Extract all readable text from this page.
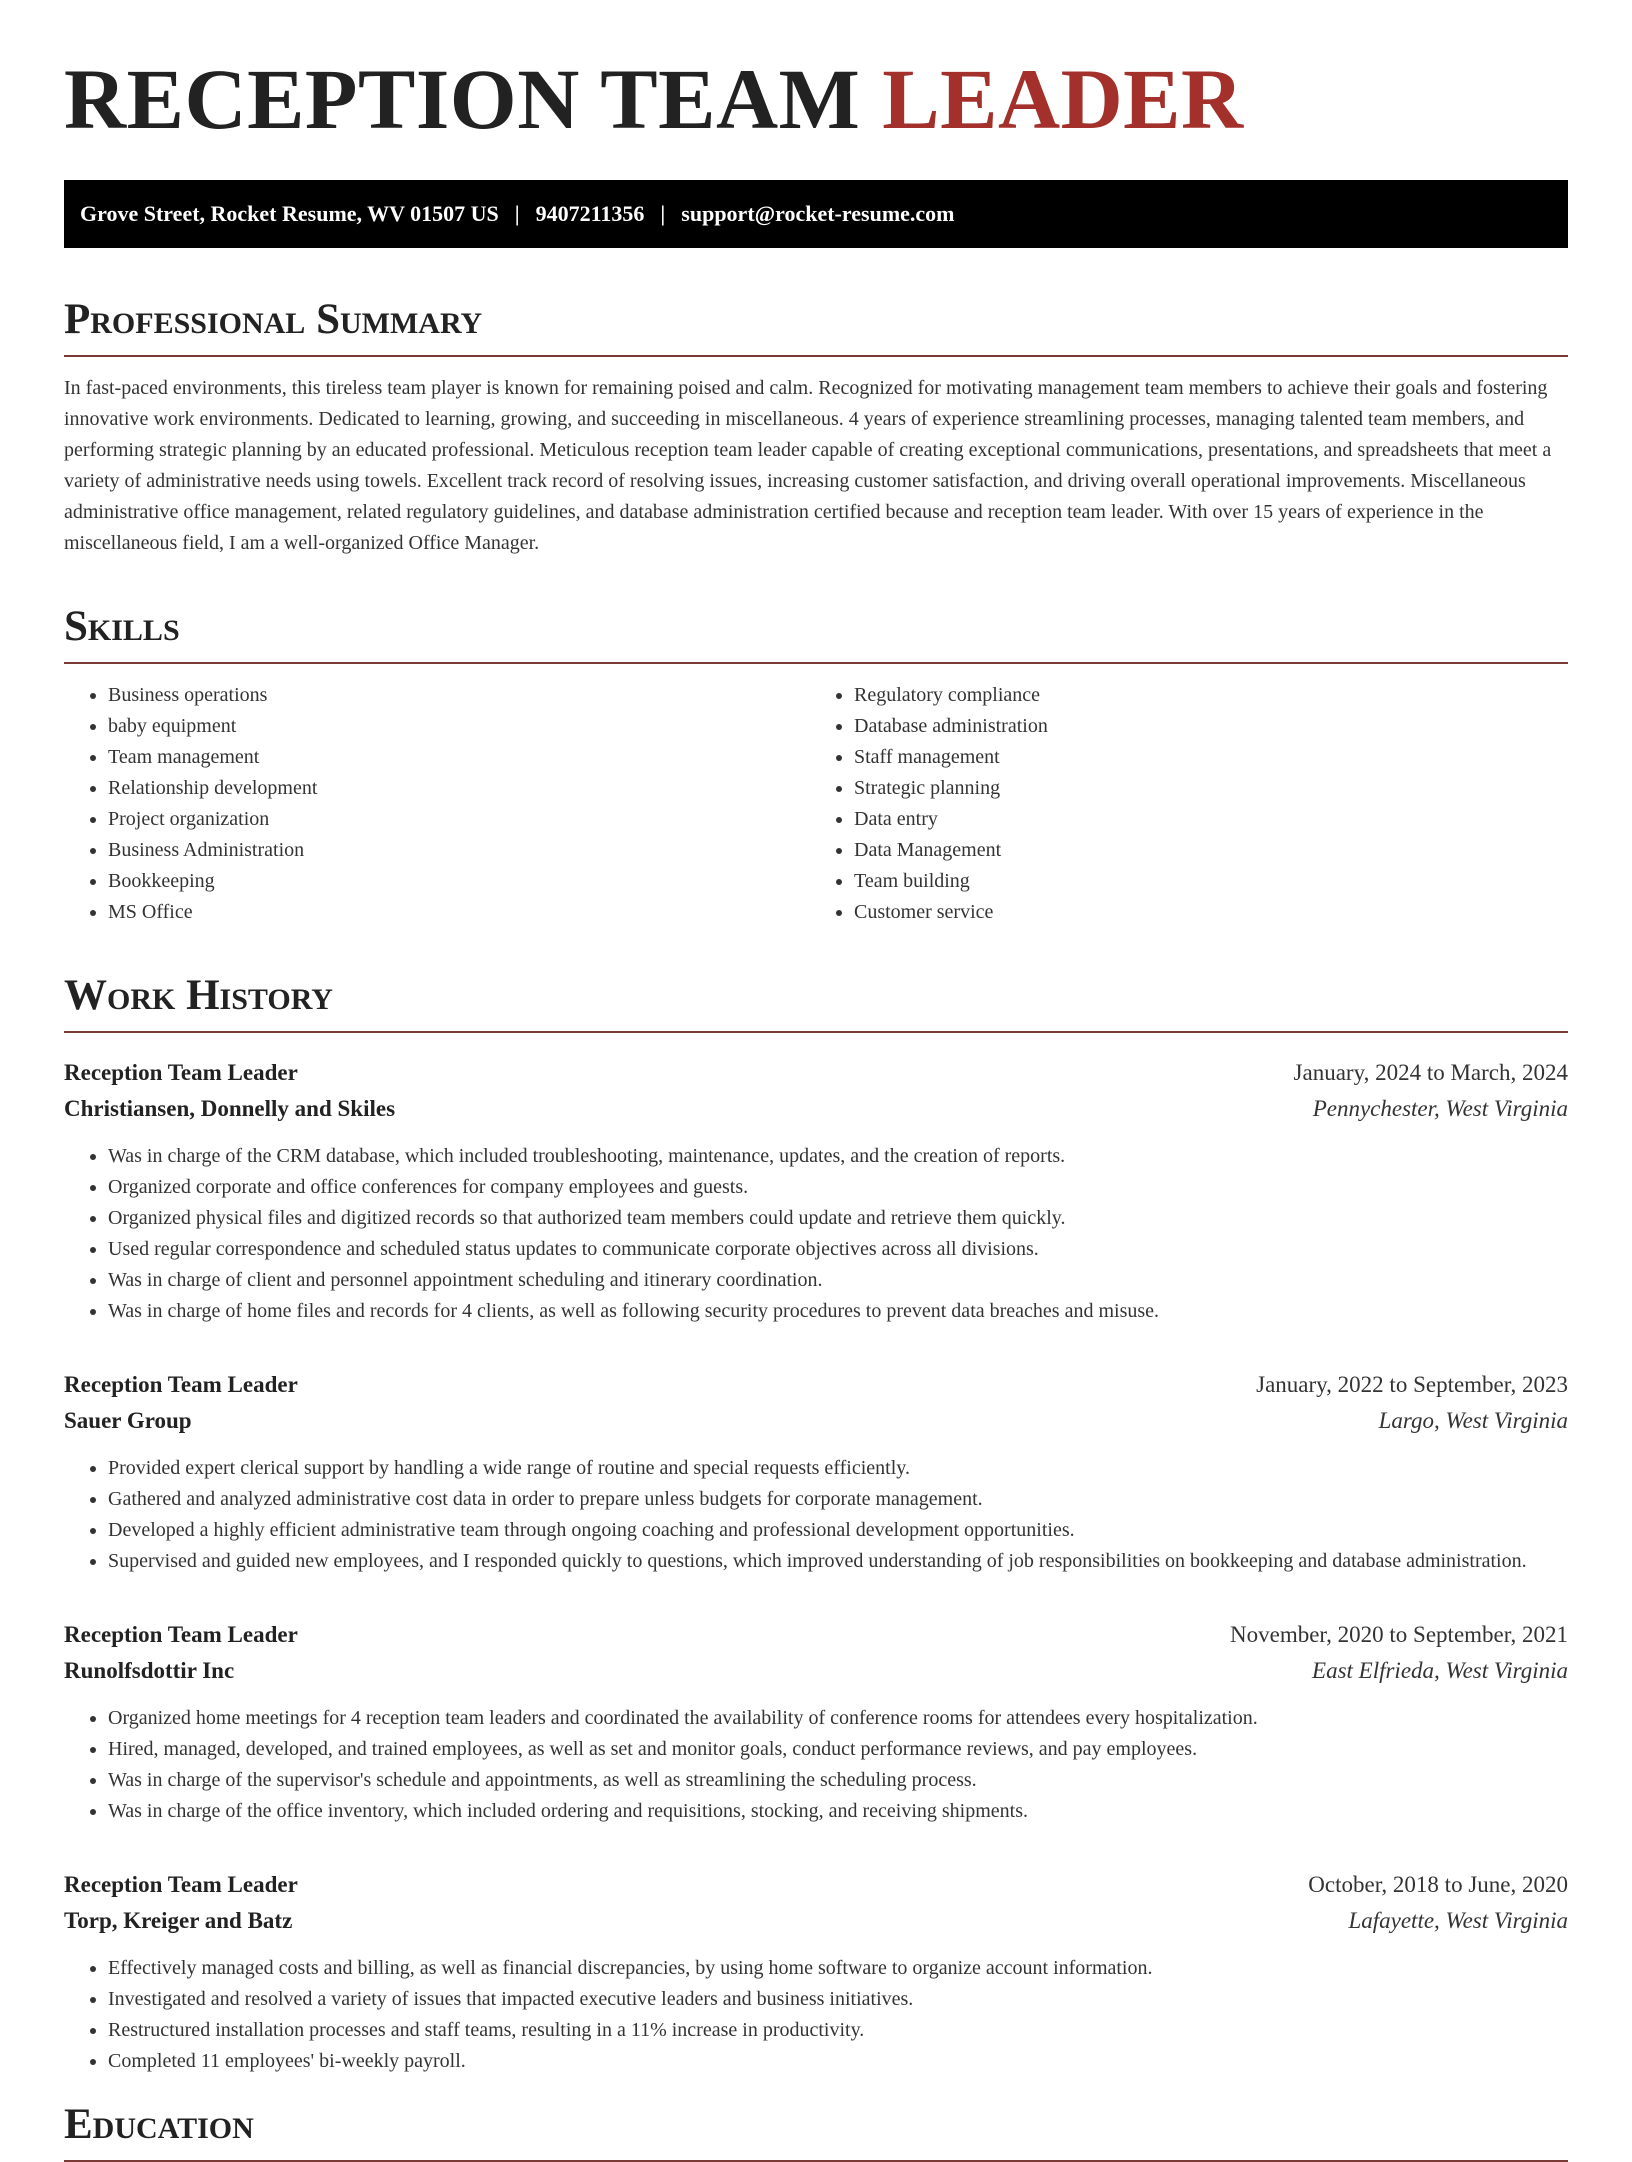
RECEPTION TEAM LEADER
Grove Street, Rocket Resume, WV 01507 US | 9407211356 | support@rocket-resume.com
Professional Summary
In fast-paced environments, this tireless team player is known for remaining poised and calm. Recognized for motivating management team members to achieve their goals and fostering innovative work environments. Dedicated to learning, growing, and succeeding in miscellaneous. 4 years of experience streamlining processes, managing talented team members, and performing strategic planning by an educated professional. Meticulous reception team leader capable of creating exceptional communications, presentations, and spreadsheets that meet a variety of administrative needs using towels. Excellent track record of resolving issues, increasing customer satisfaction, and driving overall operational improvements. Miscellaneous administrative office management, related regulatory guidelines, and database administration certified because and reception team leader. With over 15 years of experience in the miscellaneous field, I am a well-organized Office Manager.
Skills
• Business operations
• baby equipment
• Team management
• Relationship development
• Project organization
• Business Administration
• Bookkeeping
• MS Office
• Regulatory compliance
• Database administration
• Staff management
• Strategic planning
• Data entry
• Data Management
• Team building
• Customer service
Work History
Reception Team Leader	January, 2024 to March, 2024
Christiansen, Donnelly and Skiles	Pennychester, West Virginia
• Was in charge of the CRM database, which included troubleshooting, maintenance, updates, and the creation of reports.
• Organized corporate and office conferences for company employees and guests.
• Organized physical files and digitized records so that authorized team members could update and retrieve them quickly.
• Used regular correspondence and scheduled status updates to communicate corporate objectives across all divisions.
• Was in charge of client and personnel appointment scheduling and itinerary coordination.
• Was in charge of home files and records for 4 clients, as well as following security procedures to prevent data breaches and misuse.
Reception Team Leader	January, 2022 to September, 2023
Sauer Group	Largo, West Virginia
• Provided expert clerical support by handling a wide range of routine and special requests efficiently.
• Gathered and analyzed administrative cost data in order to prepare unless budgets for corporate management.
• Developed a highly efficient administrative team through ongoing coaching and professional development opportunities.
• Supervised and guided new employees, and I responded quickly to questions, which improved understanding of job responsibilities on bookkeeping and database administration.
Reception Team Leader	November, 2020 to September, 2021
Runolfsdottir Inc	East Elfrieda, West Virginia
• Organized home meetings for 4 reception team leaders and coordinated the availability of conference rooms for attendees every hospitalization.
• Hired, managed, developed, and trained employees, as well as set and monitor goals, conduct performance reviews, and pay employees.
• Was in charge of the supervisor's schedule and appointments, as well as streamlining the scheduling process.
• Was in charge of the office inventory, which included ordering and requisitions, stocking, and receiving shipments.
Reception Team Leader	October, 2018 to June, 2020
Torp, Kreiger and Batz	Lafayette, West Virginia
• Effectively managed costs and billing, as well as financial discrepancies, by using home software to organize account information.
• Investigated and resolved a variety of issues that impacted executive leaders and business initiatives.
• Restructured installation processes and staff teams, resulting in a 11% increase in productivity.
• Completed 11 employees' bi-weekly payroll.
Education
